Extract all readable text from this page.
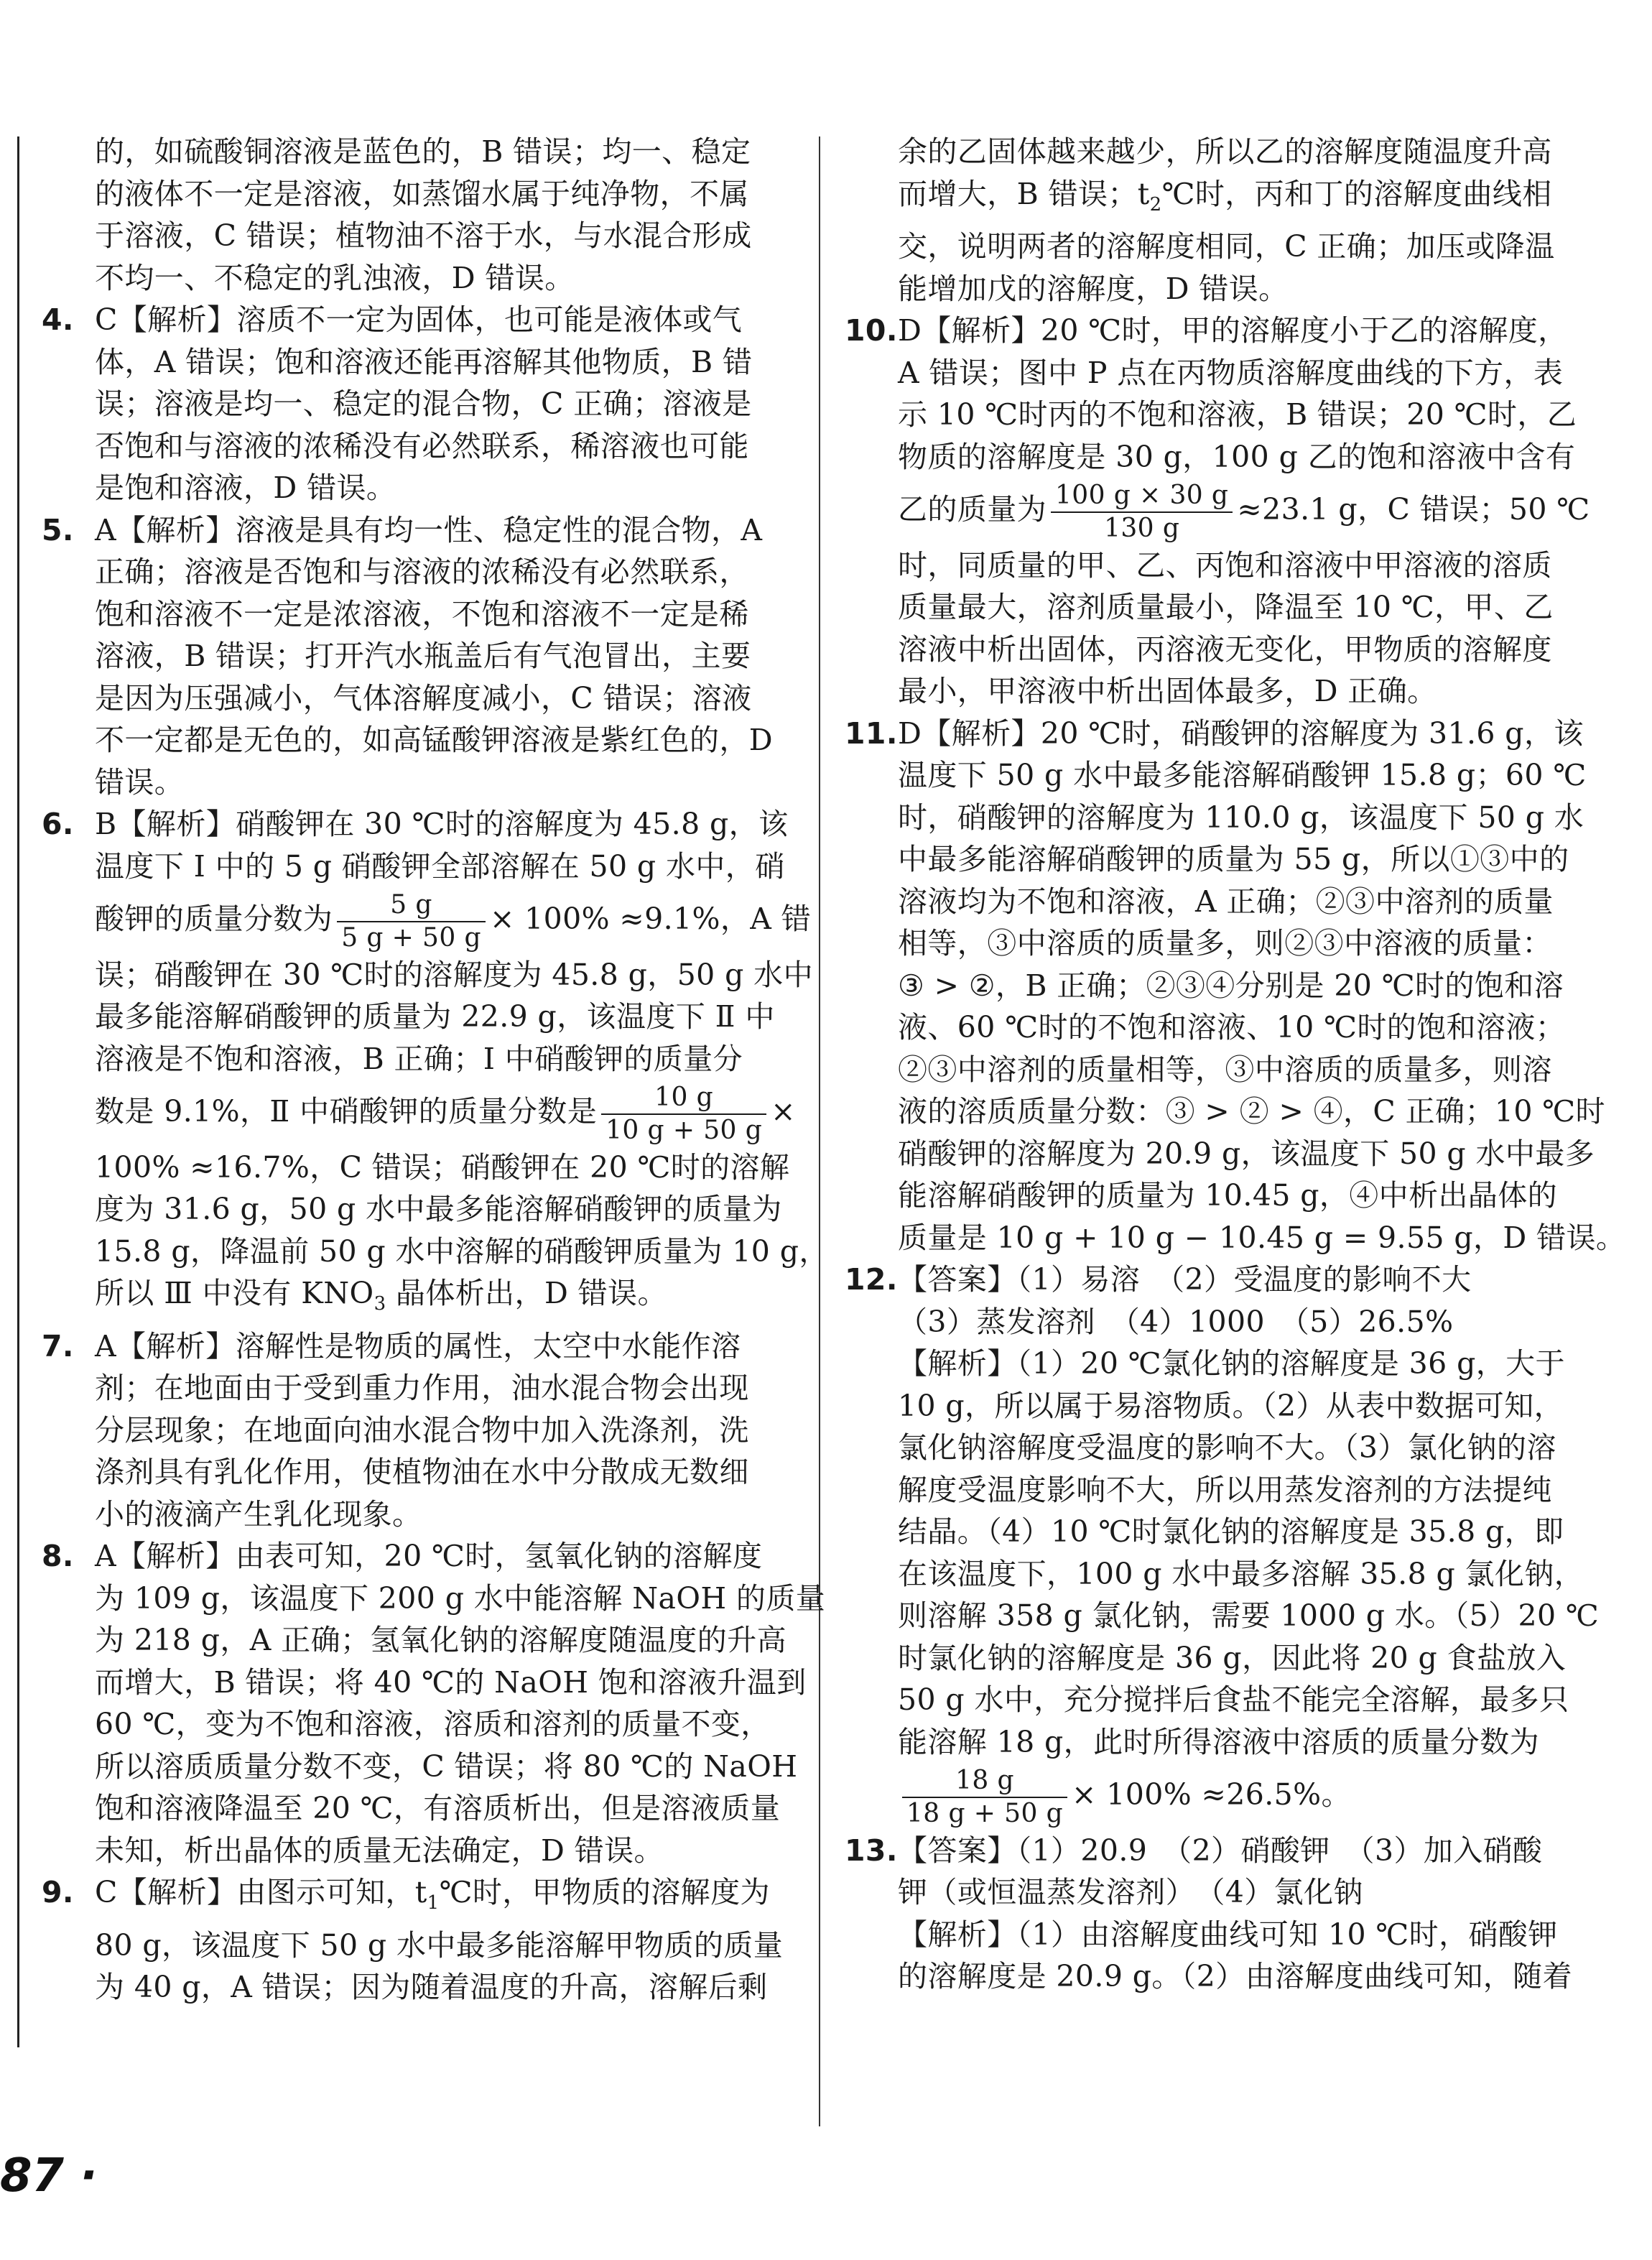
的，如硫酸铜溶液是蓝色的，B 错误；均一、稳定
的液体不一定是溶液，如蒸馏水属于纯净物，不属
于溶液，C 错误；植物油不溶于水，与水混合形成
不均一、不稳定的乳浊液，D 错误。
4. C【解析】溶质不一定为固体，也可能是液体或气
体，A 错误；饱和溶液还能再溶解其他物质，B 错
误；溶液是均一、稳定的混合物，C 正确；溶液是
否饱和与溶液的浓稀没有必然联系，稀溶液也可能
是饱和溶液，D 错误。
5. A【解析】溶液是具有均一性、稳定性的混合物，A
正确；溶液是否饱和与溶液的浓稀没有必然联系，
饱和溶液不一定是浓溶液，不饱和溶液不一定是稀
溶液，B 错误；打开汽水瓶盖后有气泡冒出，主要
是因为压强减小，气体溶解度减小，C 错误；溶液
不一定都是无色的，如高锰酸钾溶液是紫红色的，D
错误。
6. B【解析】硝酸钾在 30 ℃时的溶解度为 45.8 g，该
温度下 Ⅰ 中的 5 g 硝酸钾全部溶解在 50 g 水中，硝
酸钾的质量分数为 $\frac{5 g}{5 g + 50 g} \times 100\% \approx 9.1\%$，A 错
误；硝酸钾在 30 ℃时的溶解度为 45.8 g，50 g 水中
最多能溶解硝酸钾的质量为 22.9 g，该温度下 Ⅱ 中
溶液是不饱和溶液，B 正确；Ⅰ 中硝酸钾的质量分
数是 9.1%，Ⅱ 中硝酸钾的质量分数是 $\frac{10 g}{10 g + 50 g}$ ×
100% ≈16.7%，C 错误；硝酸钾在 20 ℃时的溶解
度为 31.6 g，50 g 水中最多能溶解硝酸钾的质量为
15.8 g，降温前 50 g 水中溶解的硝酸钾质量为 10 g，
所以 Ⅲ 中没有 $KNO_3$ 晶体析出，D 错误。
7. A【解析】溶解性是物质的属性，太空中水能作溶
剂；在地面由于受到重力作用，油水混合物会出现
分层现象；在地面向油水混合物中加入洗涤剂，洗
涤剂具有乳化作用，使植物油在水中分散成无数细
小的液滴产生乳化现象。
8. A【解析】由表可知，20 ℃时，氢氧化钠的溶解度
为 109 g，该温度下 200 g 水中能溶解 NaOH 的质量
为 218 g，A 正确；氢氧化钠的溶解度随温度的升高
而增大，B 错误；将 40 ℃的 NaOH 饱和溶液升温到
60 ℃，变为不饱和溶液，溶质和溶剂的质量不变，
所以溶质质量分数不变，C 错误；将 80 ℃的 NaOH
饱和溶液降温至 20 ℃，有溶质析出，但是溶液质量
未知，析出晶体的质量无法确定，D 错误。
9. C【解析】由图示可知，$t_1℃$时，甲物质的溶解度为
80 g，该温度下 50 g 水中最多能溶解甲物质的质量
为 40 g，A 错误；因为随着温度的升高，溶解后剩
余的乙固体越来越少，所以乙的溶解度随温度升高
而增大，B 错误；$t_2℃$时，丙和丁的溶解度曲线相
交，说明两者的溶解度相同，C 正确；加压或降温
能增加戊的溶解度，D 错误。
10.D【解析】20 ℃时，甲的溶解度小于乙的溶解度，
A 错误；图中 P 点在丙物质溶解度曲线的下方，表
示 10 ℃时丙的不饱和溶液，B 错误；20 ℃时，乙
物质的溶解度是 30 g，100 g 乙的饱和溶液中含有
乙的质量为 $\frac{100 g \times 30 g}{130 g} \approx 23.1$ g，C 错误；50 ℃
时，同质量的甲、乙、丙饱和溶液中甲溶液的溶质
质量最大，溶剂质量最小，降温至 10 ℃，甲、乙
溶液中析出固体，丙溶液无变化，甲物质的溶解度
最小，甲溶液中析出固体最多，D 正确。
11.D【解析】20 ℃时，硝酸钾的溶解度为 31.6 g，该
温度下 50 g 水中最多能溶解硝酸钾 15.8 g；60 ℃
时，硝酸钾的溶解度为 110.0 g，该温度下 50 g 水
中最多能溶解硝酸钾的质量为 55 g，所以①③中的
溶液均为不饱和溶液，A 正确；②③中溶剂的质量
相等，③中溶质的质量多，则②③中溶液的质量：
③ > ②，B 正确；②③④分别是 20 ℃时的饱和溶
液、60 ℃时的不饱和溶液、10 ℃时的饱和溶液；
②③中溶剂的质量相等，③中溶质的质量多，则溶
液的溶质质量分数：③ > ② > ④，C 正确；10 ℃时
硝酸钾的溶解度为 20.9 g，该温度下 50 g 水中最多
能溶解硝酸钾的质量为 10.45 g，④中析出晶体的
质量是 10 g + 10 g − 10.45 g = 9.55 g，D 错误。
12.【答案】（1）易溶　（2）受温度的影响不大
（3）蒸发溶剂　（4）1000　（5）26.5%
【解析】（1）20 ℃氯化钠的溶解度是 36 g，大于
10 g，所以属于易溶物质。（2）从表中数据可知，
氯化钠溶解度受温度的影响不大。（3）氯化钠的溶
解度受温度影响不大，所以用蒸发溶剂的方法提纯
结晶。（4）10 ℃时氯化钠的溶解度是 35.8 g，即
在该温度下，100 g 水中最多溶解 35.8 g 氯化钠，
则溶解 358 g 氯化钠，需要 1000 g 水。（5）20 ℃
时氯化钠的溶解度是 36 g，因此将 20 g 食盐放入
50 g 水中，充分搅拌后食盐不能完全溶解，最多只
能溶解 18 g，此时所得溶液中溶质的质量分数为
$\frac{18 g}{18 g + 50 g} \times 100\% \approx 26.5\%$。
13.【答案】（1）20.9　（2）硝酸钾　（3）加入硝酸
钾（或恒温蒸发溶剂）　（4）氯化钠
【解析】（1）由溶解度曲线可知 10 ℃时，硝酸钾
的溶解度是 20.9 g。（2）由溶解度曲线可知，随着
87 ·
